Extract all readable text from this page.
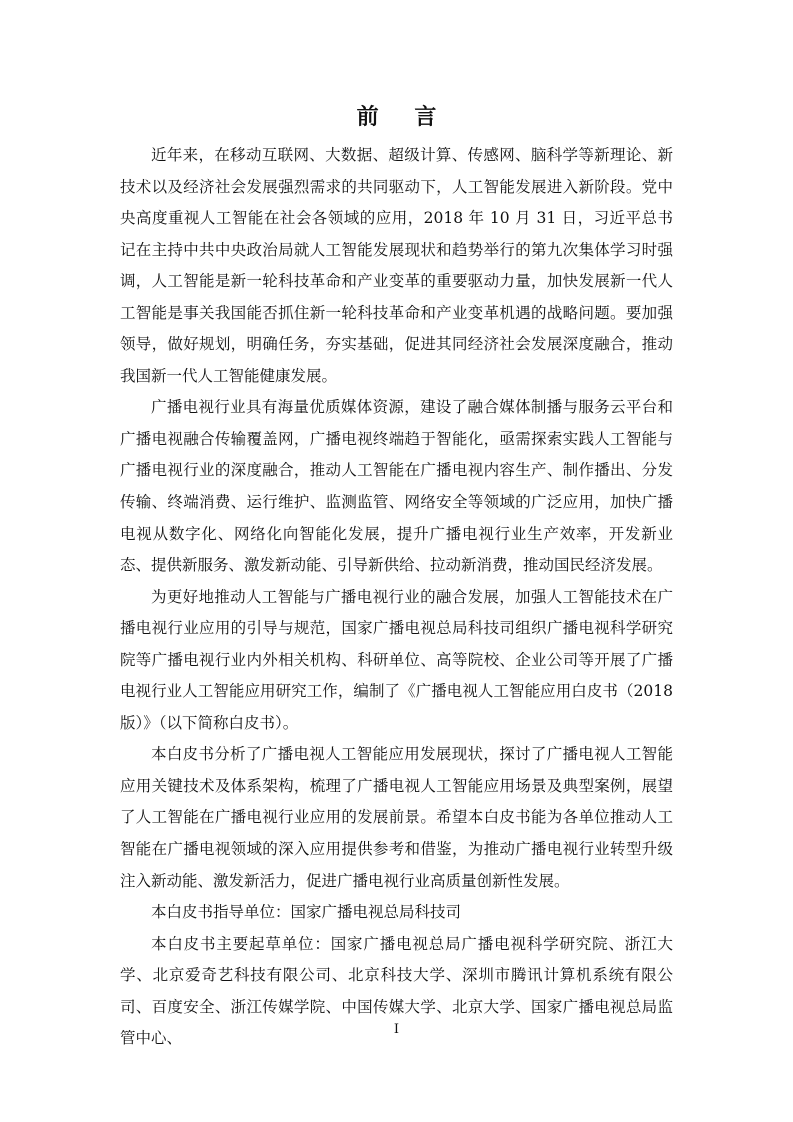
前 言

近年来，在移动互联网、大数据、超级计算、传感网、脑科学等新理论、新技术以及经济社会发展强烈需求的共同驱动下，人工智能发展进入新阶段。党中央高度重视人工智能在社会各领域的应用，2018 年 10 月 31 日，习近平总书记在主持中共中央政治局就人工智能发展现状和趋势举行的第九次集体学习时强调，人工智能是新一轮科技革命和产业变革的重要驱动力量，加快发展新一代人工智能是事关我国能否抓住新一轮科技革命和产业变革机遇的战略问题。要加强领导，做好规划，明确任务，夯实基础，促进其同经济社会发展深度融合，推动我国新一代人工智能健康发展。

广播电视行业具有海量优质媒体资源，建设了融合媒体制播与服务云平台和广播电视融合传输覆盖网，广播电视终端趋于智能化，亟需探索实践人工智能与广播电视行业的深度融合，推动人工智能在广播电视内容生产、制作播出、分发传输、终端消费、运行维护、监测监管、网络安全等领域的广泛应用，加快广播电视从数字化、网络化向智能化发展，提升广播电视行业生产效率，开发新业态、提供新服务、激发新动能、引导新供给、拉动新消费，推动国民经济发展。

为更好地推动人工智能与广播电视行业的融合发展，加强人工智能技术在广播电视行业应用的引导与规范，国家广播电视总局科技司组织广播电视科学研究院等广播电视行业内外相关机构、科研单位、高等院校、企业公司等开展了广播电视行业人工智能应用研究工作，编制了《广播电视人工智能应用白皮书（2018 版）》（以下简称白皮书）。

本白皮书分析了广播电视人工智能应用发展现状，探讨了广播电视人工智能应用关键技术及体系架构，梳理了广播电视人工智能应用场景及典型案例，展望了人工智能在广播电视行业应用的发展前景。希望本白皮书能为各单位推动人工智能在广播电视领域的深入应用提供参考和借鉴，为推动广播电视行业转型升级注入新动能、激发新活力，促进广播电视行业高质量创新性发展。

本白皮书指导单位：国家广播电视总局科技司

本白皮书主要起草单位：国家广播电视总局广播电视科学研究院、浙江大学、北京爱奇艺科技有限公司、北京科技大学、深圳市腾讯计算机系统有限公司、百度安全、浙江传媒学院、中国传媒大学、北京大学、国家广播电视总局监管中心、	I
